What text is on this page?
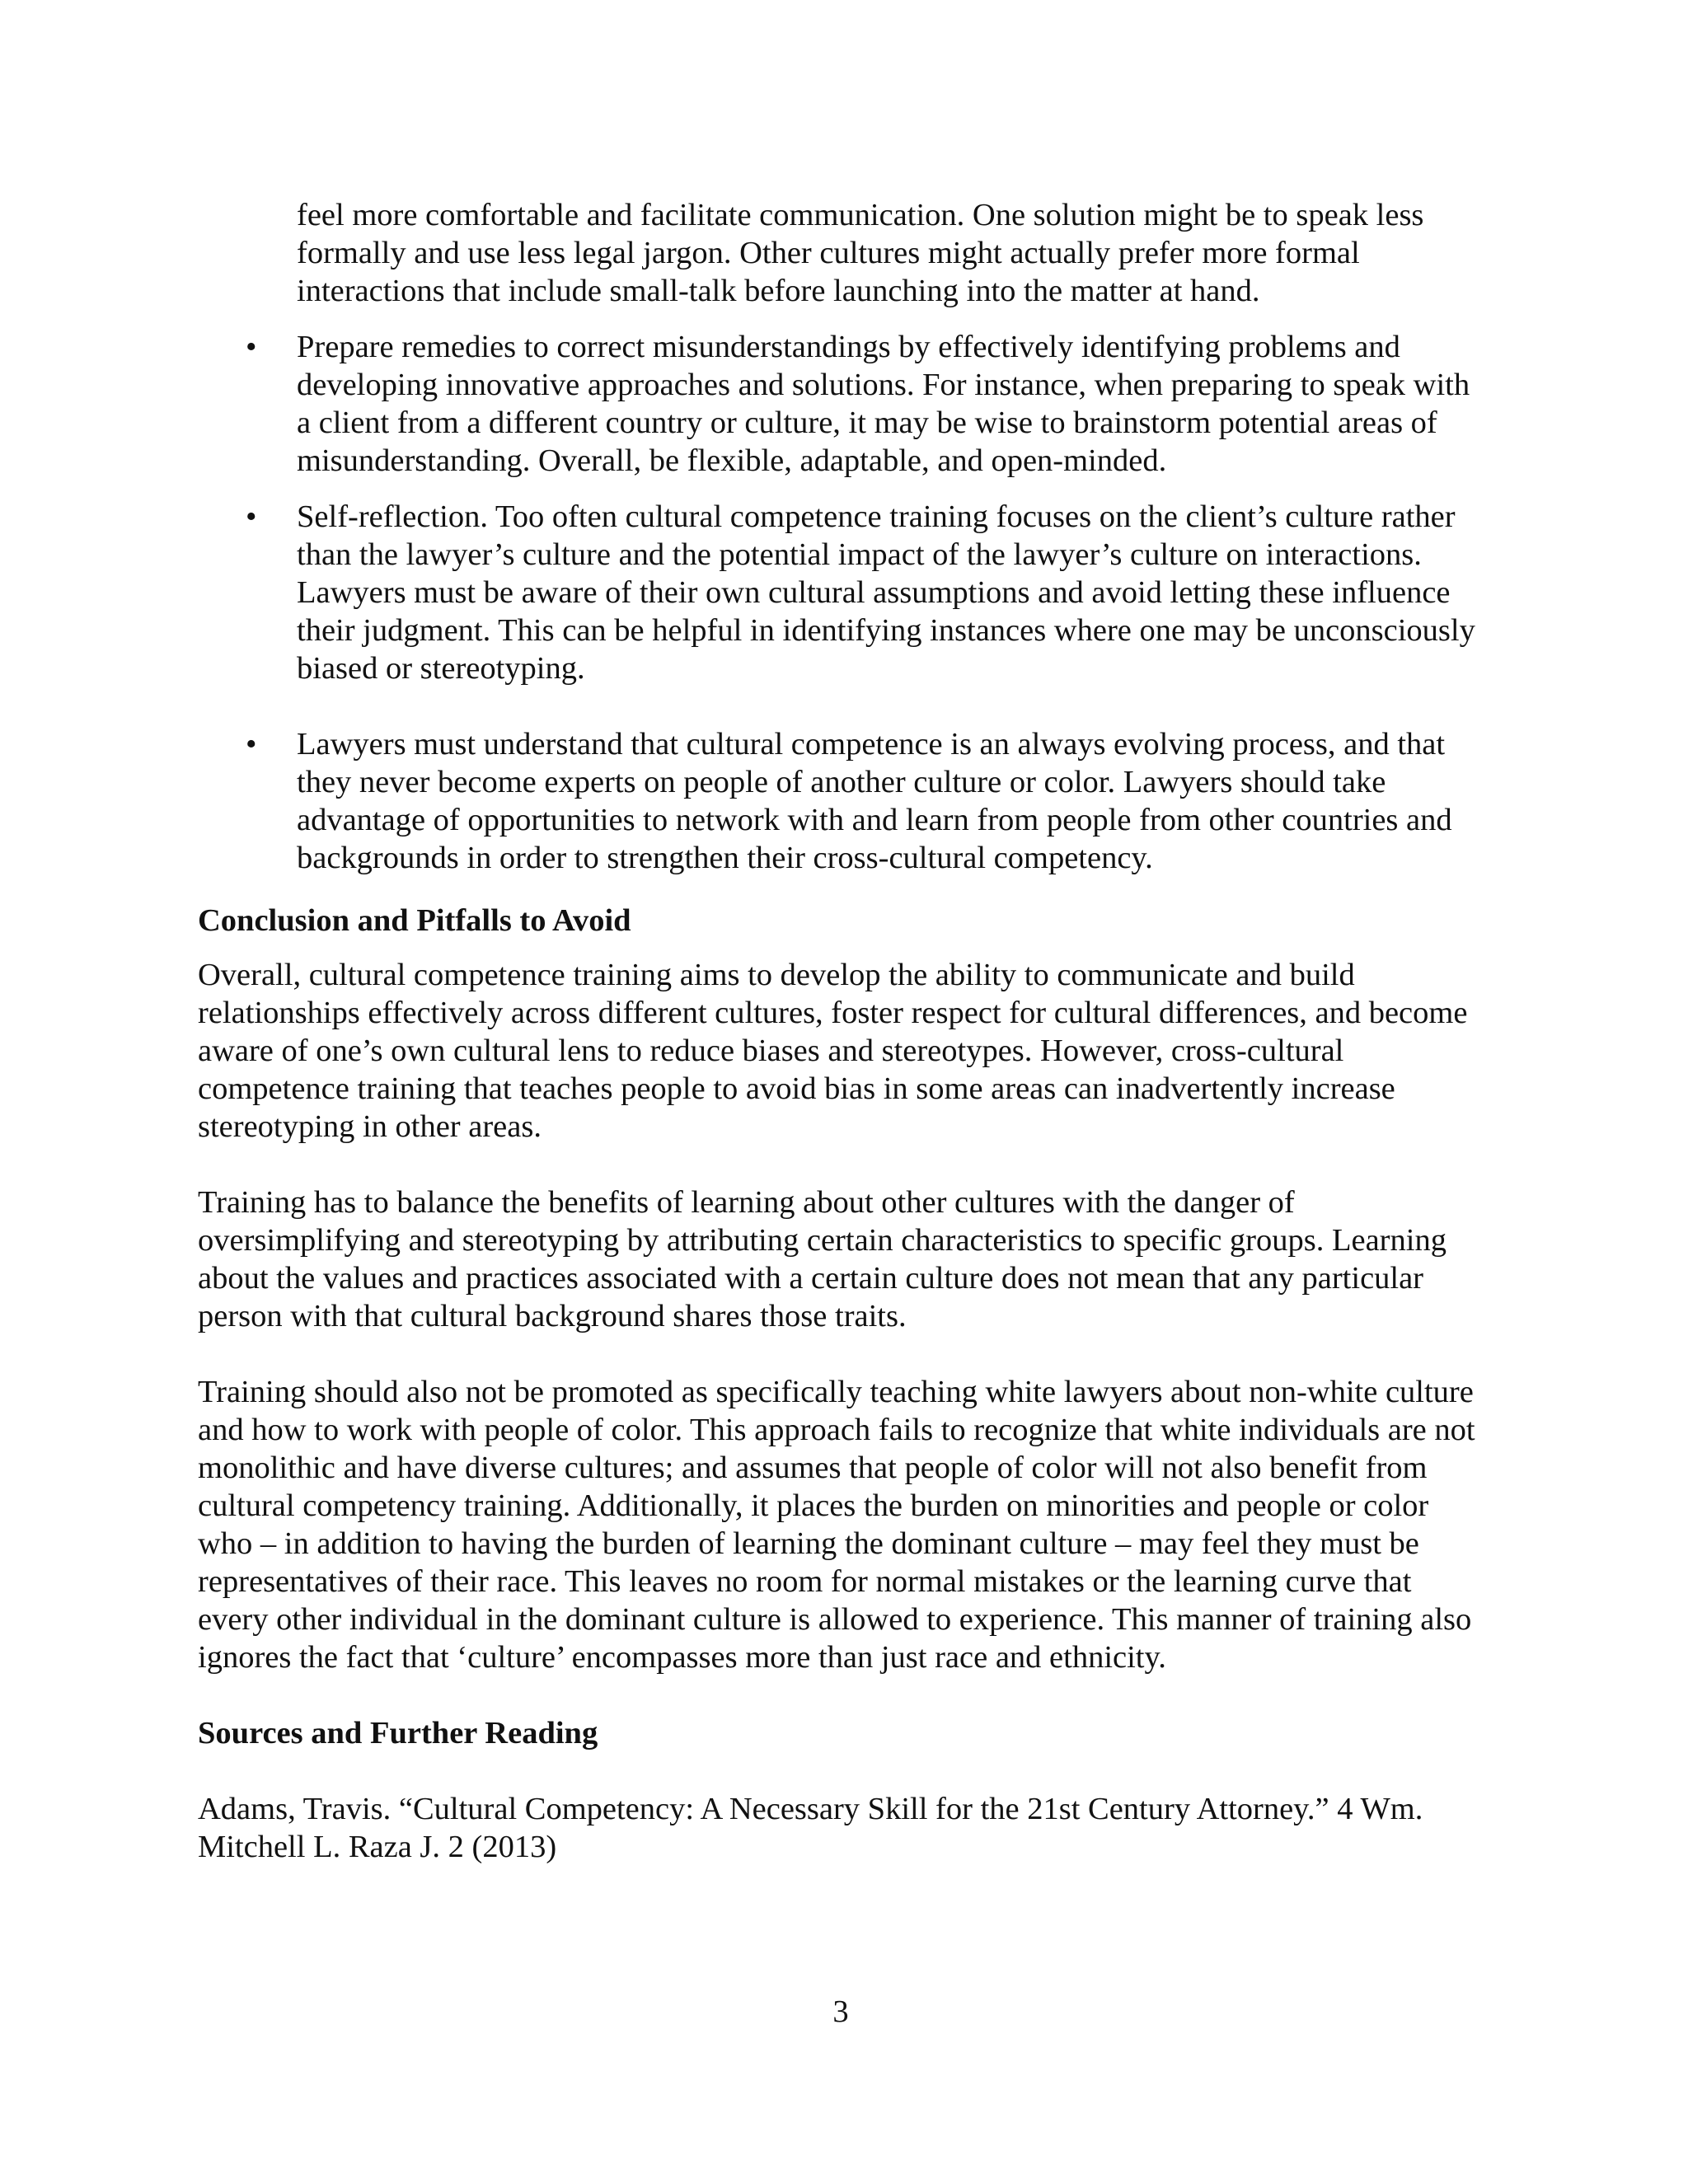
feel more comfortable and facilitate communication. One solution might be to speak less formally and use less legal jargon. Other cultures might actually prefer more formal interactions that include small-talk before launching into the matter at hand.

• Prepare remedies to correct misunderstandings by effectively identifying problems and developing innovative approaches and solutions. For instance, when preparing to speak with a client from a different country or culture, it may be wise to brainstorm potential areas of misunderstanding. Overall, be flexible, adaptable, and open-minded.
• Self-reflection. Too often cultural competence training focuses on the client’s culture rather than the lawyer’s culture and the potential impact of the lawyer’s culture on interactions. Lawyers must be aware of their own cultural assumptions and avoid letting these influence their judgment. This can be helpful in identifying instances where one may be unconsciously biased or stereotyping.
• Lawyers must understand that cultural competence is an always evolving process, and that they never become experts on people of another culture or color. Lawyers should take advantage of opportunities to network with and learn from people from other countries and backgrounds in order to strengthen their cross-cultural competency.
Conclusion and Pitfalls to Avoid

Overall, cultural competence training aims to develop the ability to communicate and build relationships effectively across different cultures, foster respect for cultural differences, and become aware of one’s own cultural lens to reduce biases and stereotypes. However, cross-cultural competence training that teaches people to avoid bias in some areas can inadvertently increase stereotyping in other areas.

Training has to balance the benefits of learning about other cultures with the danger of oversimplifying and stereotyping by attributing certain characteristics to specific groups. Learning about the values and practices associated with a certain culture does not mean that any particular person with that cultural background shares those traits.

Training should also not be promoted as specifically teaching white lawyers about non-white culture and how to work with people of color. This approach fails to recognize that white individuals are not monolithic and have diverse cultures; and assumes that people of color will not also benefit from cultural competency training. Additionally, it places the burden on minorities and people or color who – in addition to having the burden of learning the dominant culture – may feel they must be representatives of their race. This leaves no room for normal mistakes or the learning curve that every other individual in the dominant culture is allowed to experience. This manner of training also ignores the fact that ‘culture’ encompasses more than just race and ethnicity.

Sources and Further Reading

Adams, Travis. “Cultural Competency: A Necessary Skill for the 21st Century Attorney.” 4 Wm. Mitchell L. Raza J. 2 (2013)

3
